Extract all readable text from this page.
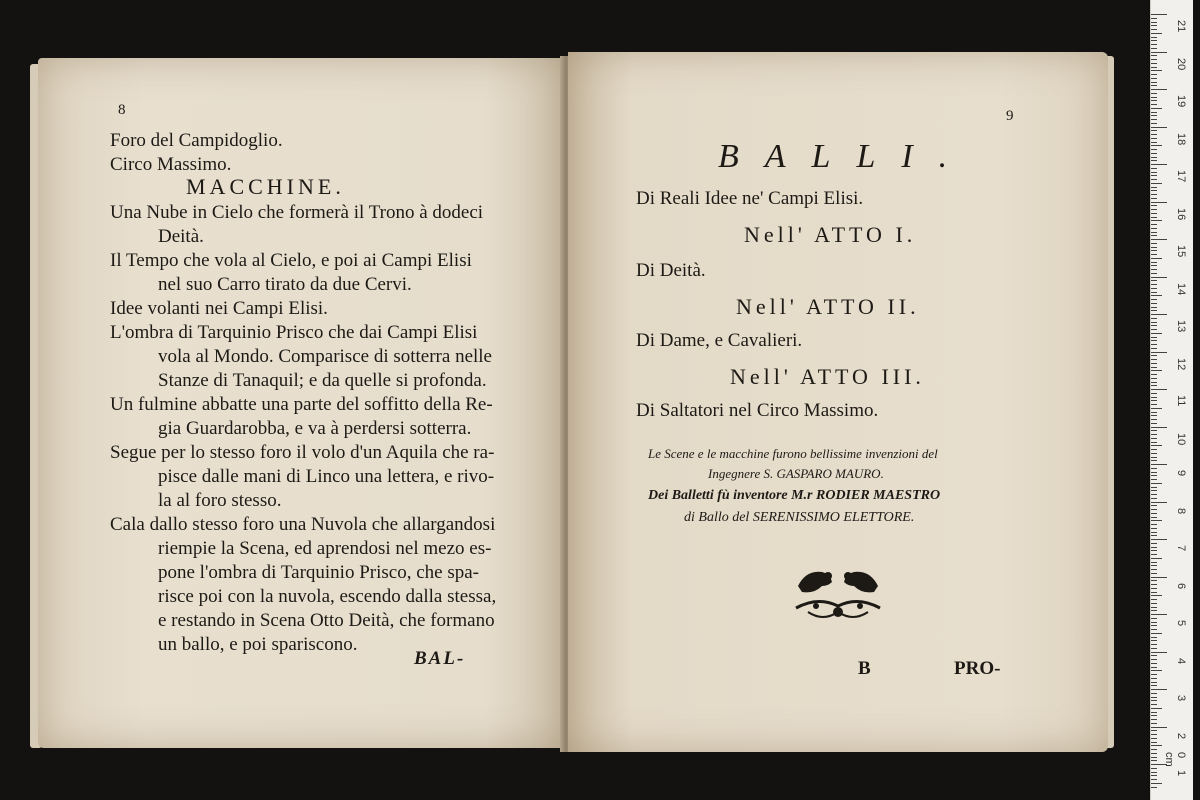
8
Foro del Campidoglio.
Circo Massimo.
MACCHINE.
Una Nube in Cielo che formerà il Trono à dodeci
Deità.
Il Tempo che vola al Cielo, e poi ai Campi Elisi
nel suo Carro tirato da due Cervi.
Idee volanti nei Campi Elisi.
L'ombra di Tarquinio Prisco che dai Campi Elisi
vola al Mondo. Comparisce di sotterra nelle
Stanze di Tanaquil; e da quelle si profonda.
Un fulmine abbatte una parte del soffitto della Re-
gia Guardarobba, e va à perdersi sotterra.
Segue per lo stesso foro il volo d'un Aquila che ra-
pisce dalle mani di Linco una lettera, e rivo-
la al foro stesso.
Cala dallo stesso foro una Nuvola che allargandosi
riempie la Scena, ed aprendosi nel mezo es-
pone l'ombra di Tarquinio Prisco, che spa-
risce poi con la nuvola, escendo dalla stessa,
e restando in Scena Otto Deità, che formano
un ballo, e poi spariscono.
BAL-
9
BALLI.
Di Reali Idee ne' Campi Elisi.
Nell' ATTO I.
Di Deità.
Nell' ATTO II.
Di Dame, e Cavalieri.
Nell' ATTO III.
Di Saltatori nel Circo Massimo.
Le Scene e le macchine furono bellissime invenzioni del
Ingegnere S. GASPARO MAURO.
Dei Balletti fù inventore M.r RODIER MAESTRO
di Ballo del SERENISSIMO ELETTORE.
B	PRO-
21
20
19
18
17
16
15
14
13
12
11
10
9
8
7
6
5
4
3
2
1
0 cm
